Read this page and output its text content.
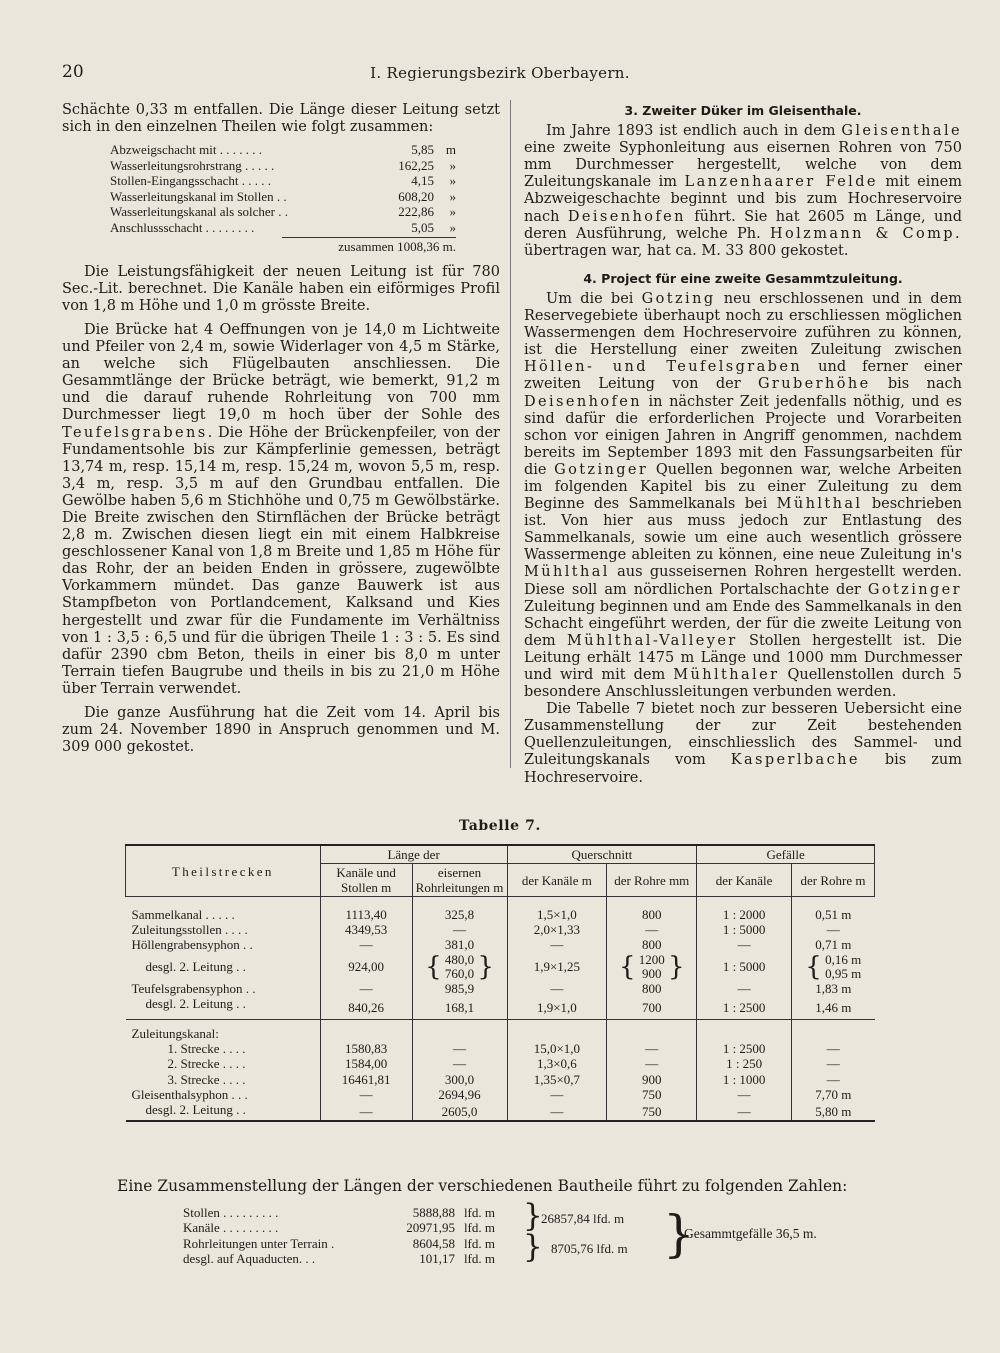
20	I. Regierungsbezirk Oberbayern.

Schächte 0,33 m entfallen. Die Länge dieser Leitung setzt sich in den einzelnen Theilen wie folgt zusammen:

Abzweigschacht mit . . . . . . .	5,85 m
Wasserleitungsrohrstrang . . . . .	162,25	»
Stollen-Eingangsschacht . . . . .	4,15	»
Wasserleitungskanal im Stollen . .	608,20	»
Wasserleitungskanal als solcher . .	222,86	»
Anschlussschacht . . . . . . . .	5,05	»
zusammen 1008,36 m.

Die Leistungsfähigkeit der neuen Leitung ist für 780 Sec.-Lit. berechnet. Die Kanäle haben ein eiförmiges Profil von 1,8 m Höhe und 1,0 m grösste Breite.

Die Brücke hat 4 Oeffnungen von je 14,0 m Lichtweite und Pfeiler von 2,4 m, sowie Widerlager von 4,5 m Stärke, an welche sich Flügelbauten anschliessen. Die Gesammtlänge der Brücke beträgt, wie bemerkt, 91,2 m und die darauf ruhende Rohrleitung von 700 mm Durchmesser liegt 19,0 m hoch über der Sohle des Teufelsgrabens. Die Höhe der Brückenpfeiler, von der Fundamentsohle bis zur Kämpferlinie gemessen, beträgt 13,74 m, resp. 15,14 m, resp. 15,24 m, wovon 5,5 m, resp. 3,4 m, resp. 3,5 m auf den Grundbau entfallen. Die Gewölbe haben 5,6 m Stichhöhe und 0,75 m Gewölbstärke. Die Breite zwischen den Stirnflächen der Brücke beträgt 2,8 m. Zwischen diesen liegt ein mit einem Halbkreise geschlossener Kanal von 1,8 m Breite und 1,85 m Höhe für das Rohr, der an beiden Enden in grössere, zugewölbte Vorkammern mündet. Das ganze Bauwerk ist aus Stampfbeton von Portlandcement, Kalksand und Kies hergestellt und zwar für die Fundamente im Verhältniss von 1 : 3,5 : 6,5 und für die übrigen Theile 1 : 3 : 5. Es sind dafür 2390 cbm Beton, theils in einer bis 8,0 m unter Terrain tiefen Baugrube und theils in bis zu 21,0 m Höhe über Terrain verwendet.

Die ganze Ausführung hat die Zeit vom 14. April bis zum 24. November 1890 in Anspruch genommen und M. 309 000 gekostet.

3. Zweiter Düker im Gleisenthale.

Im Jahre 1893 ist endlich auch in dem Gleisenthale eine zweite Syphonleitung aus eisernen Rohren von 750 mm Durchmesser hergestellt, welche von dem Zuleitungskanale im Lanzenhaarer Felde mit einem Abzweigeschachte beginnt und bis zum Hochreservoire nach Deisenhofen führt. Sie hat 2605 m Länge, und deren Ausführung, welche Ph. Holzmann & Comp. übertragen war, hat ca. M. 33 800 gekostet.

4. Project für eine zweite Gesammtzuleitung.

Um die bei Gotzing neu erschlossenen und in dem Reservegebiete überhaupt noch zu erschliessen möglichen Wassermengen dem Hochreservoire zuführen zu können, ist die Herstellung einer zweiten Zuleitung zwischen Höllen- und Teufelsgraben und ferner einer zweiten Leitung von der Gruberhöhe bis nach Deisenhofen in nächster Zeit jedenfalls nöthig, und es sind dafür die erforderlichen Projecte und Vorarbeiten schon vor einigen Jahren in Angriff genommen, nachdem bereits im September 1893 mit den Fassungsarbeiten für die Gotzinger Quellen begonnen war, welche Arbeiten im folgenden Kapitel bis zu einer Zuleitung zu dem Beginne des Sammelkanals bei Mühlthal beschrieben ist. Von hier aus muss jedoch zur Entlastung des Sammelkanals, sowie um eine auch wesentlich grössere Wassermenge ableiten zu können, eine neue Zuleitung in's Mühlthal aus gusseisernen Rohren hergestellt werden. Diese soll am nördlichen Portalschachte der Gotzinger Zuleitung beginnen und am Ende des Sammelkanals in den Schacht eingeführt werden, der für die zweite Leitung von dem Mühlthal-Valleyer Stollen hergestellt ist. Die Leitung erhält 1475 m Länge und 1000 mm Durchmesser und wird mit dem Mühlthaler Quellenstollen durch 5 besondere Anschlussleitungen verbunden werden.

Die Tabelle 7 bietet noch zur besseren Uebersicht eine Zusammenstellung der zur Zeit bestehenden Quellenzuleitungen, einschliesslich des Sammel- und Zuleitungskanals vom Kasperlbache bis zum Hochreservoire.

Tabelle 7.
Theilstrecken	Länge der		Querschnitt		Gefälle	
	Kanäle und Stollen m	eisernen Rohrleitungen m	der Kanäle m	der Rohre mm	der Kanäle	der Rohre m
Sammelkanal . . . . .	1113,40	325,8	1,5×1,0	800	1 : 2000	0,51 m
Zuleitungsstollen . . . .	4349,53	—	2,0×1,33	—	1 : 5000	—
Höllengrabensyphon . .	—	381,0	—	800	—	0,71 m
desgl. 2. Leitung . .	924,00	{ 480,0
760,0 }	1,9×1,25	{ 1200
900 }	1 : 5000	{ 0,16 m
0,95 m
Teufelsgrabensyphon . .	—	985,9	—	800	—	1,83 m
desgl. 2. Leitung . .	840,26	168,1	1,9×1,0	700	1 : 2500	1,46 m
Zuleitungskanal:						
1. Strecke . . . .	1580,83	—	15,0×1,0	—	1 : 2500	—
2. Strecke . . . .	1584,00	—	1,3×0,6	—	1 : 250	—
3. Strecke . . . .	16461,81	300,0	1,35×0,7	900	1 : 1000	—
Gleisenthalsyphon . . .	—	2694,96	—	750	—	7,70 m
desgl. 2. Leitung . .	—	2605,0	—	750	—	5,80 m
Eine Zusammenstellung der Längen der verschiedenen Bautheile führt zu folgenden Zahlen:
Stollen . . . . . . . . .	5888,88 lfd. m
Kanäle . . . . . . . . .	20971,95 lfd. m
Rohrleitungen unter Terrain .	8604,58 lfd. m
desgl. auf Aquaducten. . .	101,17 lfd. m
}
}
26857,84 lfd. m
8705,76 lfd. m }
Gesammtgefälle 36,5 m.
